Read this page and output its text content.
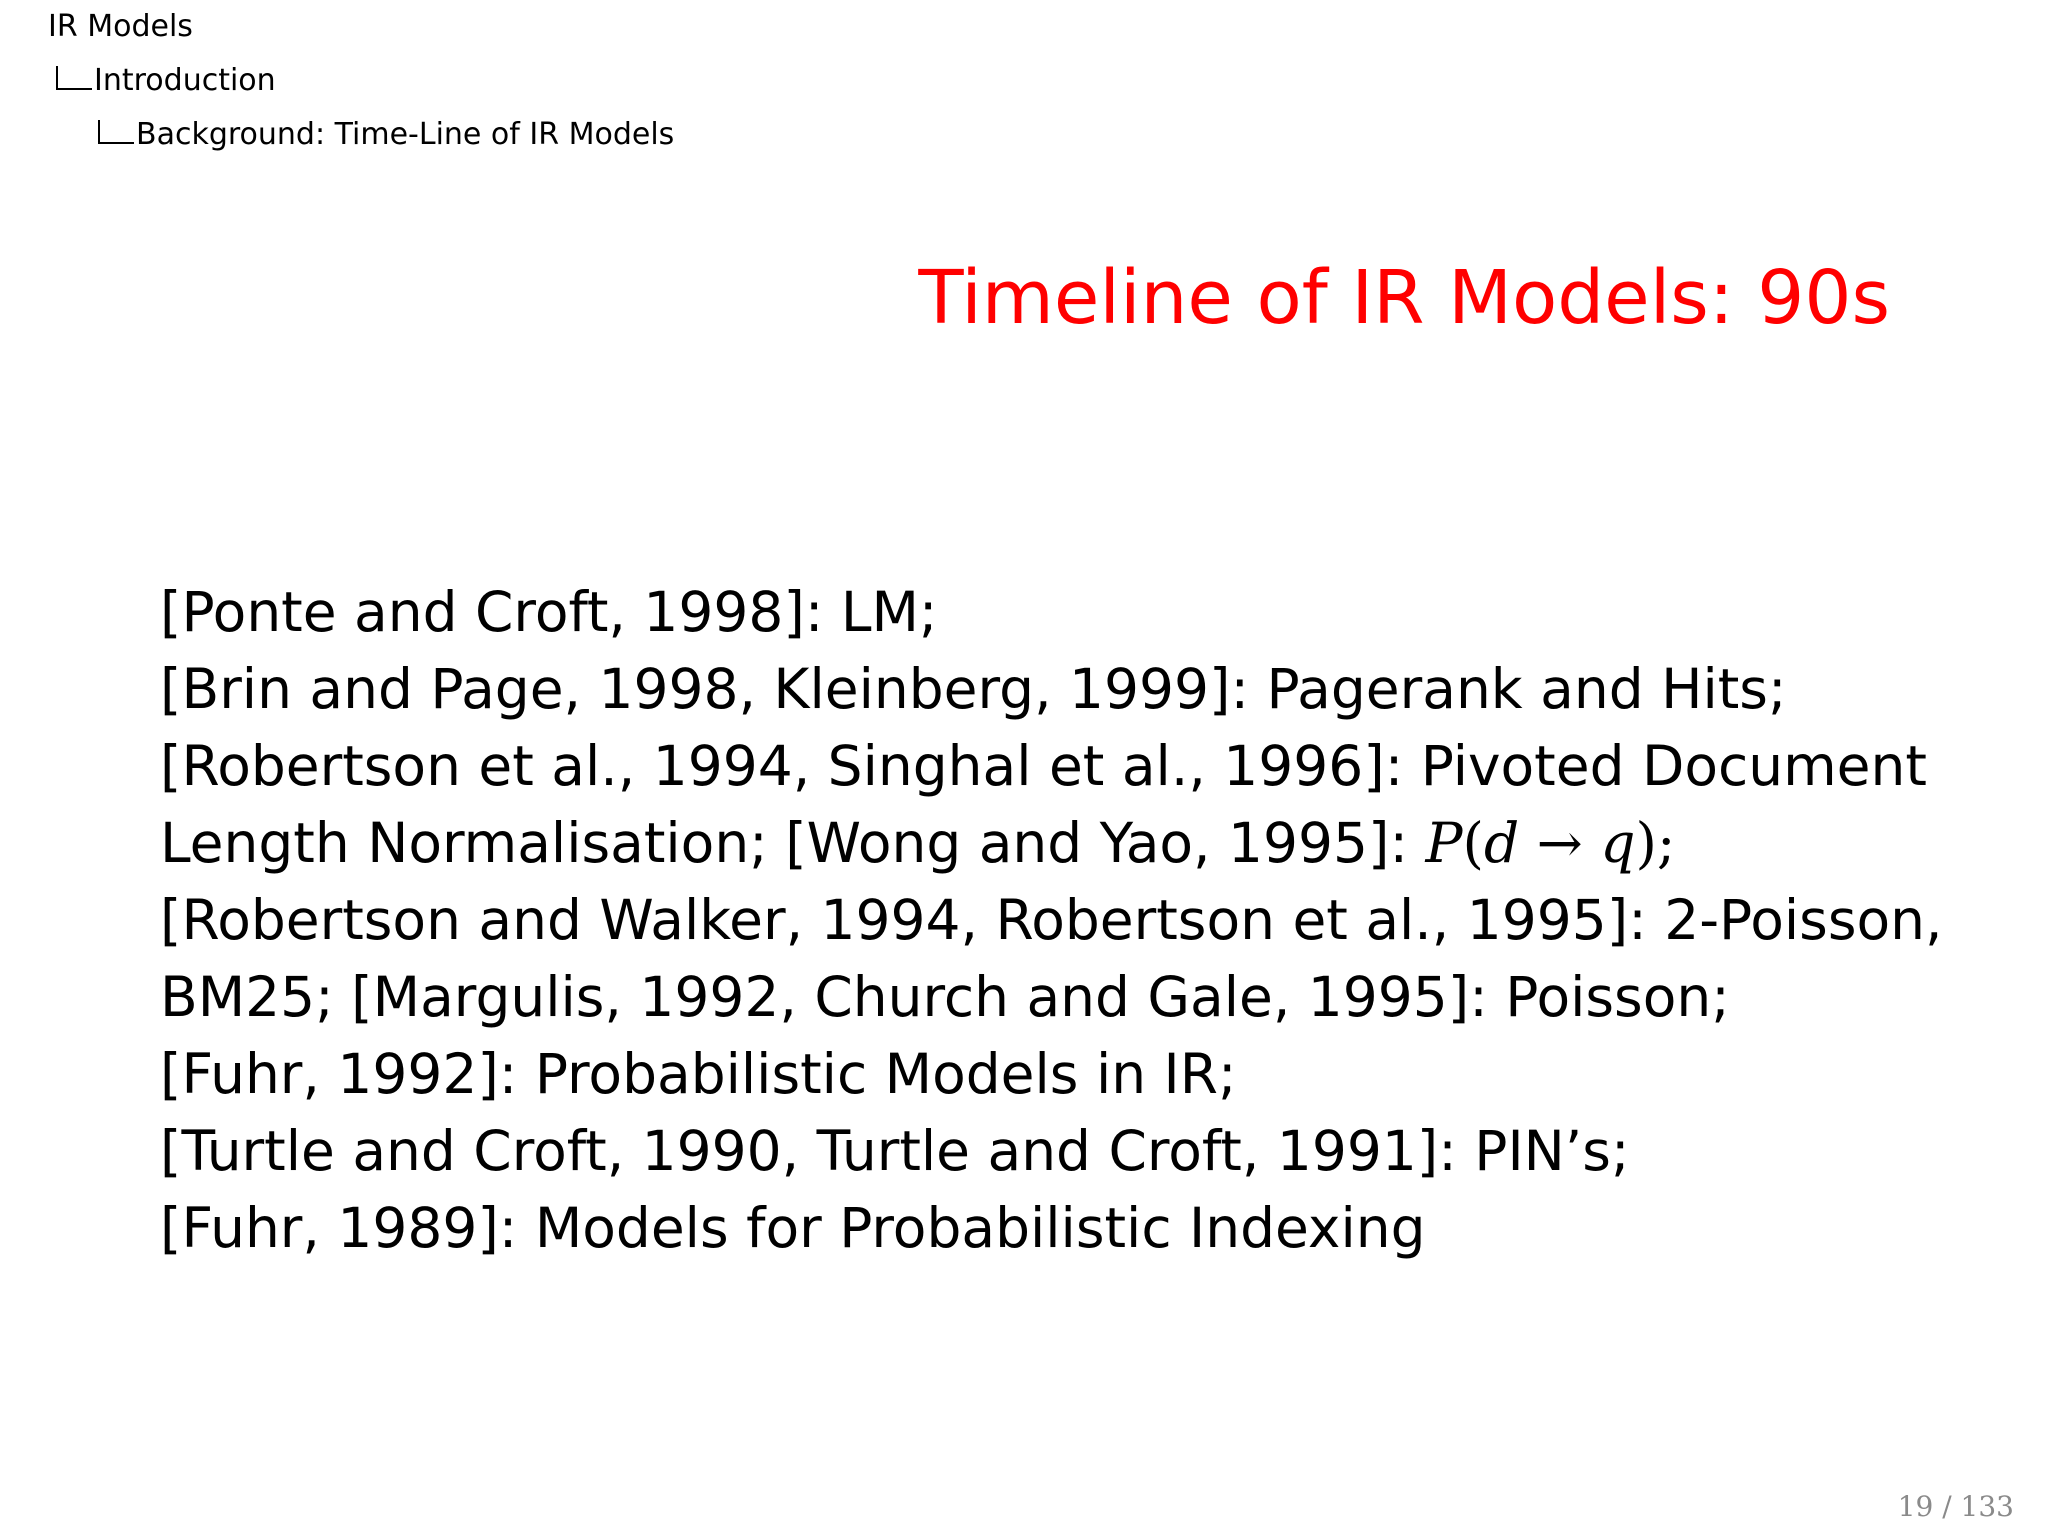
IR Models
Introduction
Background: Time-Line of IR Models
Timeline of IR Models: 90s
[Ponte and Croft, 1998]: LM;
[Brin and Page, 1998, Kleinberg, 1999]: Pagerank and Hits;
[Robertson et al., 1994, Singhal et al., 1996]: Pivoted Document
Length Normalisation; [Wong and Yao, 1995]: P(d → q);
[Robertson and Walker, 1994, Robertson et al., 1995]: 2-Poisson,
BM25; [Margulis, 1992, Church and Gale, 1995]: Poisson;
[Fuhr, 1992]: Probabilistic Models in IR;
[Turtle and Croft, 1990, Turtle and Croft, 1991]: PIN’s;
[Fuhr, 1989]: Models for Probabilistic Indexing
19 / 133
